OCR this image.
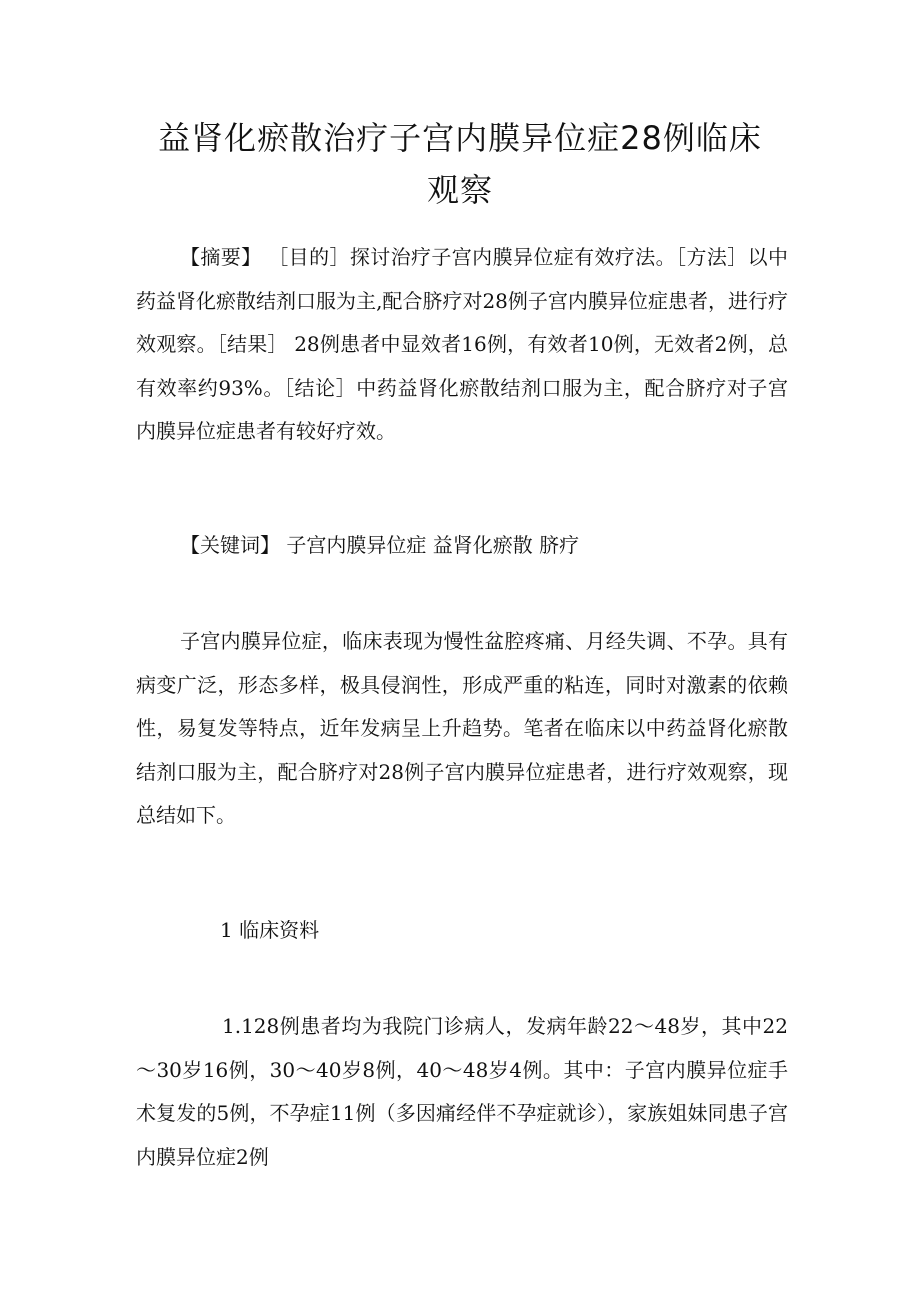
益肾化瘀散治疗子宫内膜异位症28例临床
观察

【摘要】 ［目的］探讨治疗子宫内膜异位症有效疗法。［方法］以中药益肾化瘀散结剂口服为主,配合脐疗对28例子宫内膜异位症患者，进行疗效观察。［结果］ 28例患者中显效者16例，有效者10例，无效者2例，总有效率约93%。［结论］中药益肾化瘀散结剂口服为主，配合脐疗对子宫内膜异位症患者有较好疗效。

【关键词】 子宫内膜异位症 益肾化瘀散 脐疗

子宫内膜异位症，临床表现为慢性盆腔疼痛、月经失调、不孕。具有病变广泛，形态多样，极具侵润性，形成严重的粘连，同时对激素的依赖性，易复发等特点，近年发病呈上升趋势。笔者在临床以中药益肾化瘀散结剂口服为主，配合脐疗对28例子宫内膜异位症患者，进行疗效观察，现总结如下。

1 临床资料

1.128例患者均为我院门诊病人，发病年龄22～48岁，其中22～30岁16例，30～40岁8例，40～48岁4例。其中：子宫内膜异位症手术复发的5例，不孕症11例（多因痛经伴不孕症就诊），家族姐妹同患子宫内膜异位症2例
